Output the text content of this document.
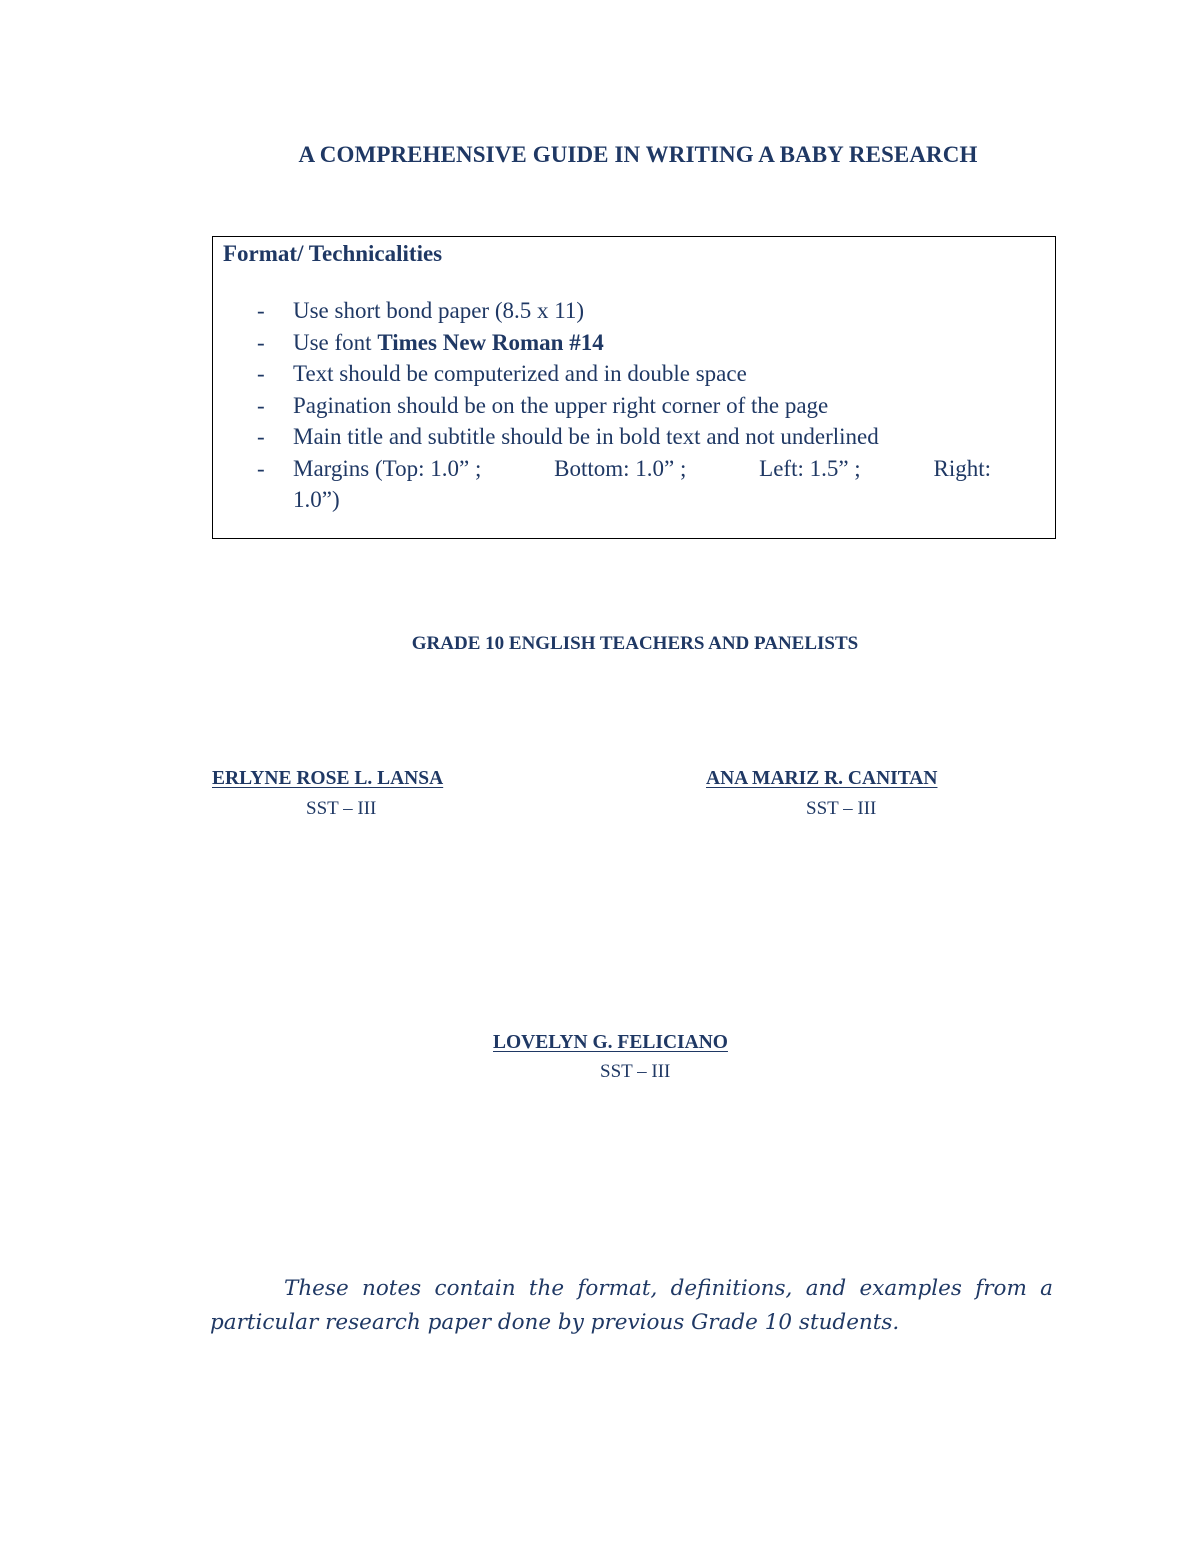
A COMPREHENSIVE GUIDE IN WRITING A BABY RESEARCH
Format/ Technicalities
- Use short bond paper (8.5 x 11)
- Use font Times New Roman #14
- Text should be computerized and in double space
- Pagination should be on the upper right corner of the page
- Main title and subtitle should be in bold text and not underlined
- Margins (Top: 1.0” ;	Bottom: 1.0” ;	Left: 1.5” ;	Right:
1.0”)
GRADE 10 ENGLISH TEACHERS AND PANELISTS
ERLYNE ROSE L. LANSA
SST – III
ANA MARIZ R. CANITAN
SST – III
LOVELYN G. FELICIANO
SST – III
These notes contain the format, definitions, and examples from a
particular research paper done by previous Grade 10 students.
